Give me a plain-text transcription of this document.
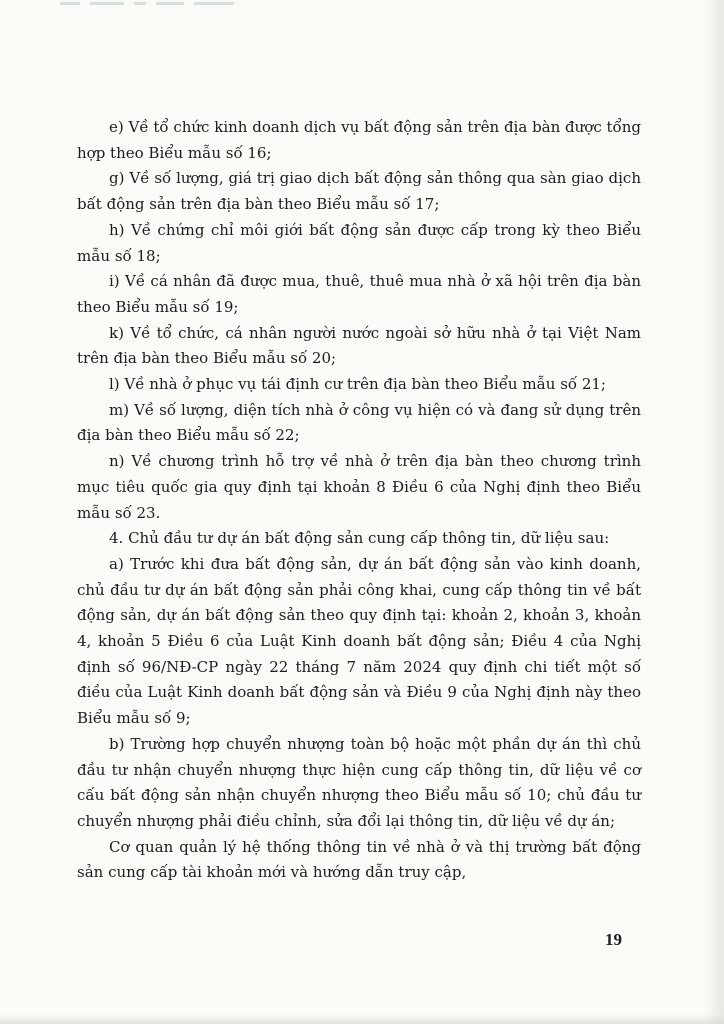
e) Về tổ chức kinh doanh dịch vụ bất động sản trên địa bàn được tổng hợp theo Biểu mẫu số 16;

g) Về số lượng, giá trị giao dịch bất động sản thông qua sàn giao dịch bất động sản trên địa bàn theo Biểu mẫu số 17;

h) Về chứng chỉ môi giới bất động sản được cấp trong kỳ theo Biểu mẫu số 18;

i) Về cá nhân đã được mua, thuê, thuê mua nhà ở xã hội trên địa bàn theo Biểu mẫu số 19;

k) Về tổ chức, cá nhân người nước ngoài sở hữu nhà ở tại Việt Nam trên địa bàn theo Biểu mẫu số 20;

l) Về nhà ở phục vụ tái định cư trên địa bàn theo Biểu mẫu số 21;

m) Về số lượng, diện tích nhà ở công vụ hiện có và đang sử dụng trên địa bàn theo Biểu mẫu số 22;

n) Về chương trình hỗ trợ về nhà ở trên địa bàn theo chương trình mục tiêu quốc gia quy định tại khoản 8 Điều 6 của Nghị định theo Biểu mẫu số 23.

4. Chủ đầu tư dự án bất động sản cung cấp thông tin, dữ liệu sau:

a) Trước khi đưa bất động sản, dự án bất động sản vào kinh doanh, chủ đầu tư dự án bất động sản phải công khai, cung cấp thông tin về bất động sản, dự án bất động sản theo quy định tại: khoản 2, khoản 3, khoản 4, khoản 5 Điều 6 của Luật Kinh doanh bất động sản; Điều 4 của Nghị định số 96/NĐ-CP ngày 22 tháng 7 năm 2024 quy định chi tiết một số điều của Luật Kinh doanh bất động sản và Điều 9 của Nghị định này theo Biểu mẫu số 9;

b) Trường hợp chuyển nhượng toàn bộ hoặc một phần dự án thì chủ đầu tư nhận chuyển nhượng thực hiện cung cấp thông tin, dữ liệu về cơ cấu bất động sản nhận chuyển nhượng theo Biểu mẫu số 10; chủ đầu tư chuyển nhượng phải điều chỉnh, sửa đổi lại thông tin, dữ liệu về dự án;

Cơ quan quản lý hệ thống thông tin về nhà ở và thị trường bất động sản cung cấp tài khoản mới và hướng dẫn truy cập,

19
